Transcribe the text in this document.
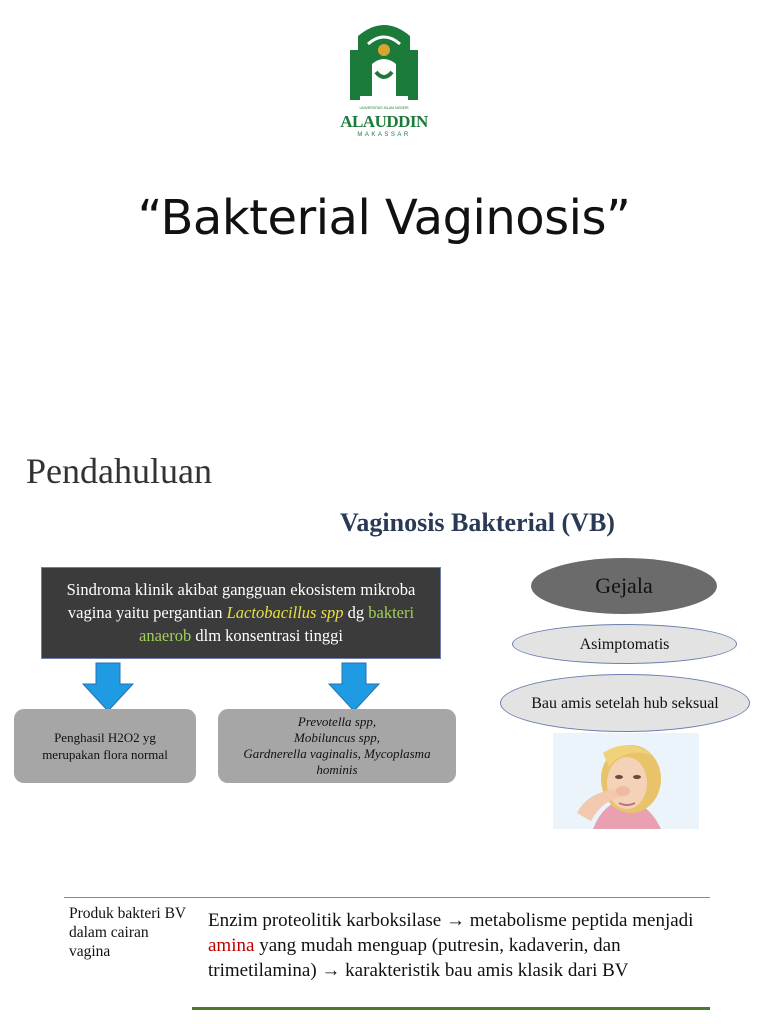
UNIVERSITAS ISLAM NEGERI
ALAUDDIN
MAKASSAR
“Bakterial Vaginosis”
Pendahuluan
Vaginosis Bakterial (VB)
Sindroma klinik akibat gangguan ekosistem mikroba vagina yaitu pergantian Lactobacillus spp dg bakteri anaerob dlm konsentrasi tinggi
Penghasil H2O2 yg
merupakan flora normal
Prevotella spp,
Mobiluncus spp,
Gardnerella vaginalis, Mycoplasma
hominis
Gejala
Asimptomatis
Bau amis setelah hub seksual
Produk bakteri BV dalam cairan vagina
Enzim proteolitik karboksilase → metabolisme peptida menjadi amina yang mudah menguap (putresin, kadaverin, dan trimetilamina) → karakteristik bau amis klasik dari BV
